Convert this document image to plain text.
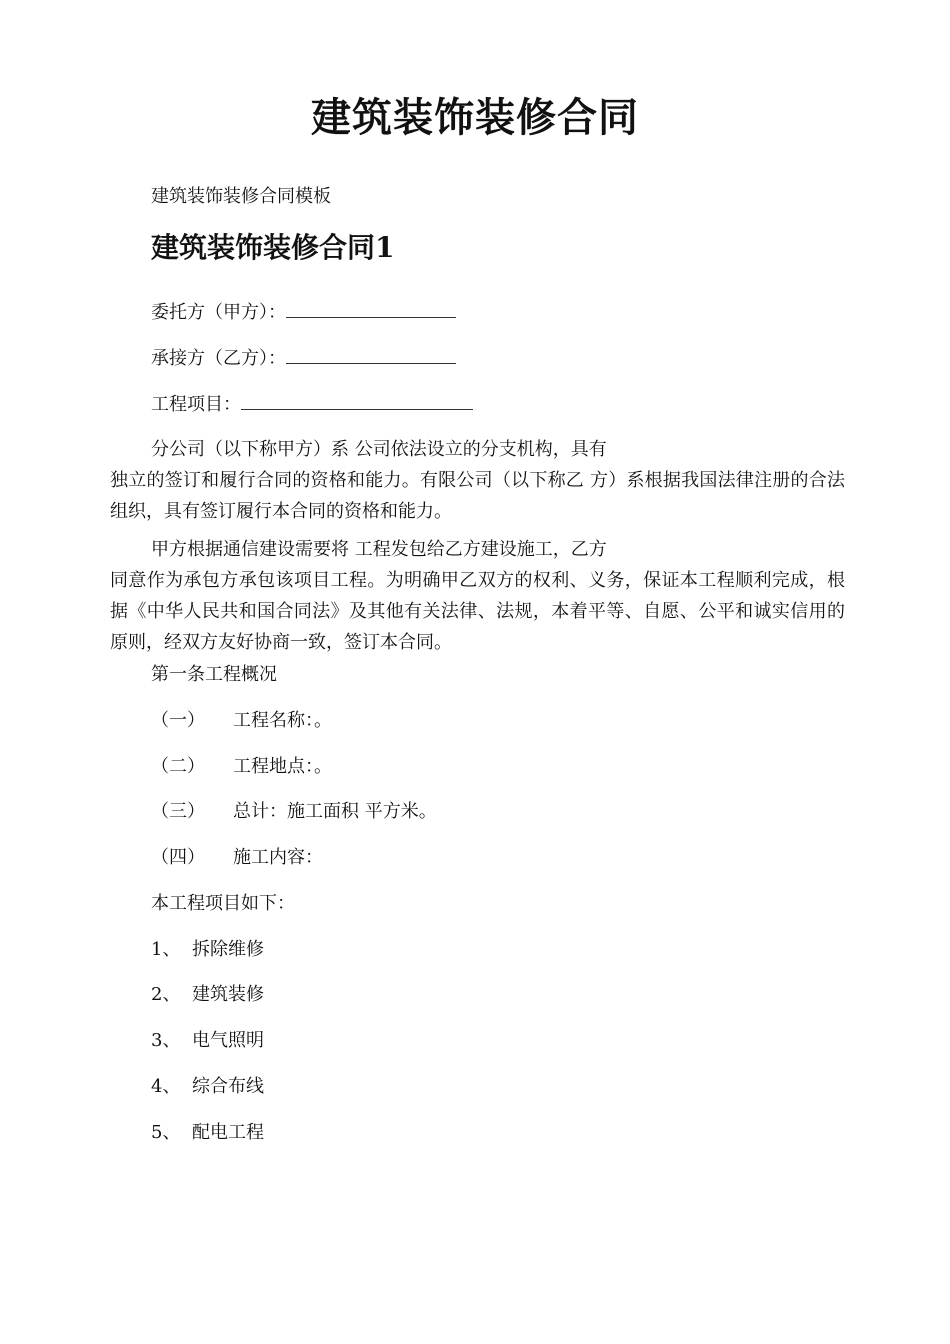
建筑装饰装修合同
建筑装饰装修合同模板
建筑装饰装修合同1
委托方（甲方）：
承接方（乙方）：
工程项目：
分公司（以下称甲方）系 公司依法设立的分支机构，具有
独立的签订和履行合同的资格和能力。有限公司（以下称乙 方）系根据我国法律注册的合法组织，具有签订履行本合同的资格和能力。
甲方根据通信建设需要将 工程发包给乙方建设施工，乙方
同意作为承包方承包该项目工程。为明确甲乙双方的权利、义务，保证本工程顺利完成，根据《中华人民共和国合同法》及其他有关法律、法规，本着平等、自愿、公平和诚实信用的原则，经双方友好协商一致，签订本合同。
第一条工程概况
（一） 工程名称：。
（二） 工程地点：。
（三） 总计：施工面积 平方米。
（四） 施工内容：
本工程项目如下：
1、 拆除维修
2、 建筑装修
3、 电气照明
4、 综合布线
5、 配电工程
